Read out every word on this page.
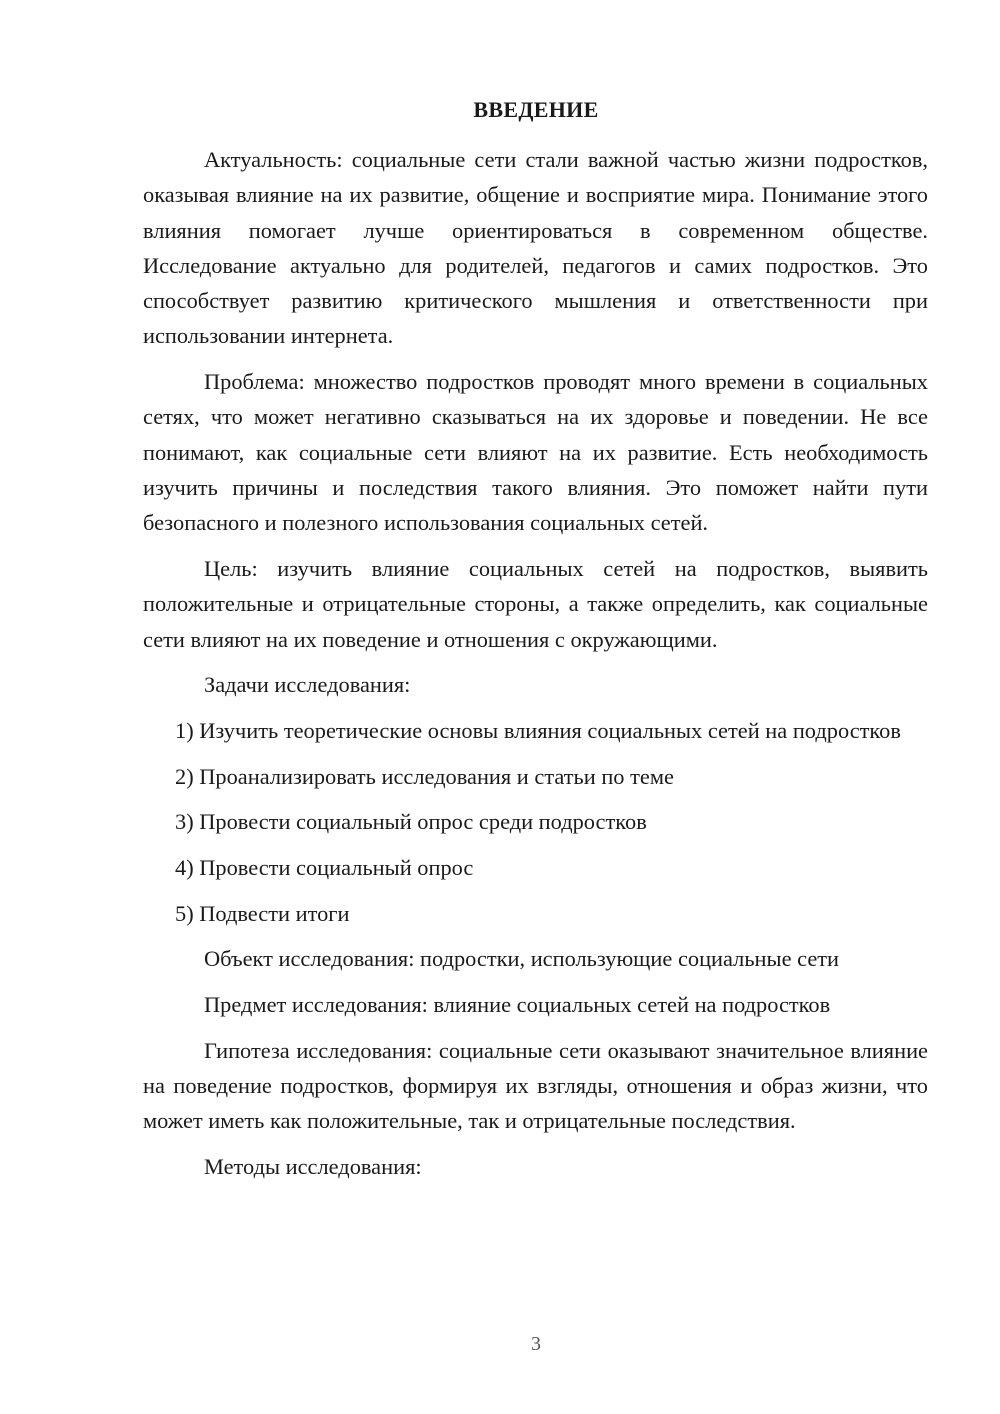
ВВЕДЕНИЕ

Актуальность: социальные сети стали важной частью жизни подростков, оказывая влияние на их развитие, общение и восприятие мира. Понимание этого влияния помогает лучше ориентироваться в современном обществе. Исследование актуально для родителей, педагогов и самих подростков. Это способствует развитию критического мышления и ответственности при использовании интернета.

Проблема: множество подростков проводят много времени в социальных сетях, что может негативно сказываться на их здоровье и поведении. Не все понимают, как социальные сети влияют на их развитие. Есть необходимость изучить причины и последствия такого влияния. Это поможет найти пути безопасного и полезного использования социальных сетей.

Цель: изучить влияние социальных сетей на подростков, выявить положительные и отрицательные стороны, а также определить, как социальные сети влияют на их поведение и отношения с окружающими.

Задачи исследования:

1) Изучить теоретические основы влияния социальных сетей на подростков

2) Проанализировать исследования и статьи по теме

3) Провести социальный опрос среди подростков

4) Провести социальный опрос

5) Подвести итоги

Объект исследования: подростки, использующие социальные сети

Предмет исследования: влияние социальных сетей на подростков

Гипотеза исследования: социальные сети оказывают значительное влияние на поведение подростков, формируя их взгляды, отношения и образ жизни, что может иметь как положительные, так и отрицательные последствия.

Методы исследования:

3
